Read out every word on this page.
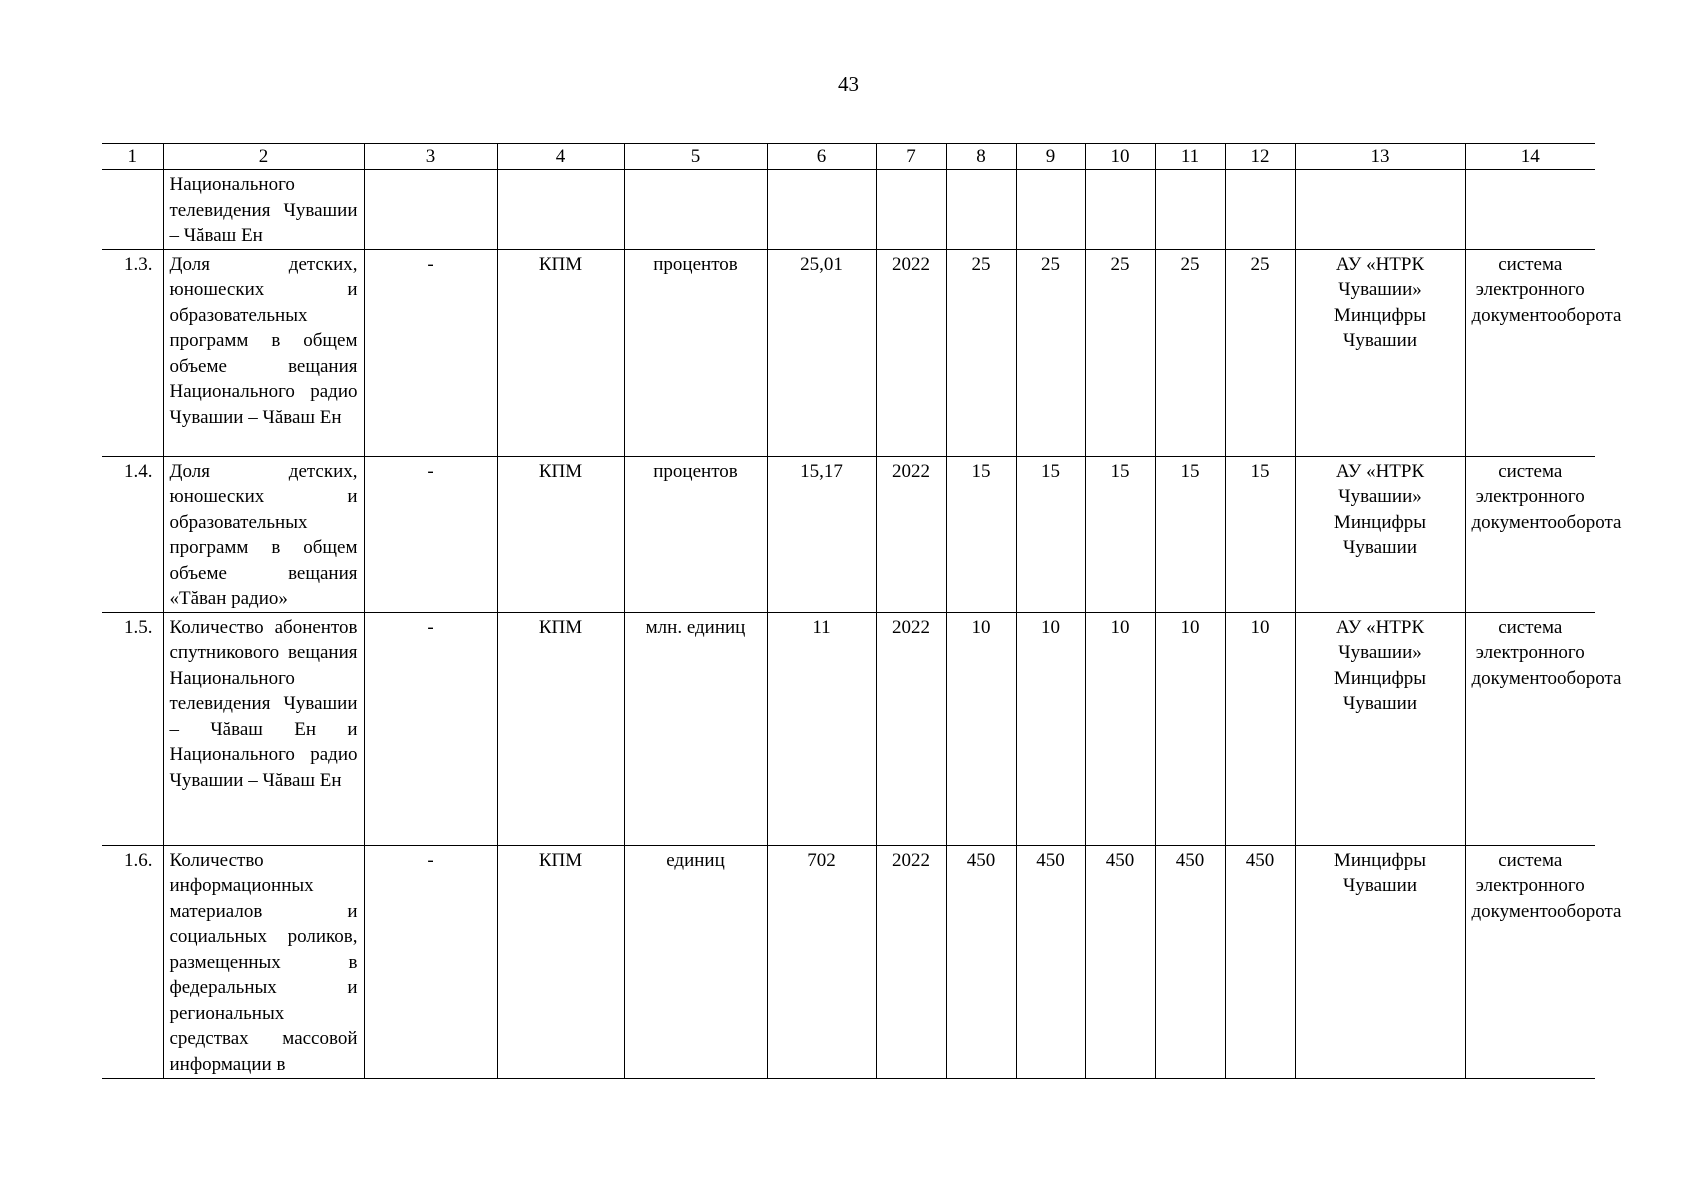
43
1	2	3	4	5	6	7	8	9	10	11	12	13	14
	Национального телевидения Чувашии – Чăваш Ен												
1.3.	Доля детских, юношеских и образовательных программ в общем объеме вещания Национального радио Чувашии – Чăваш Ен	-	КПМ	процентов	25,01	2022	25	25	25	25	25	АУ «НТРК Чувашии» Минцифры Чувашии	система электронного документооборота
1.4.	Доля детских, юношеских и образовательных программ в общем объеме вещания «Тăван радио»	-	КПМ	процентов	15,17	2022	15	15	15	15	15	АУ «НТРК Чувашии» Минцифры Чувашии	система электронного документооборота
1.5.	Количество абонентов спутникового вещания Национального телевидения Чувашии – Чăваш Ен и Национального радио Чувашии – Чăваш Ен	-	КПМ	млн. единиц	11	2022	10	10	10	10	10	АУ «НТРК Чувашии» Минцифры Чувашии	система электронного документооборота
1.6.	Количество информационных материалов и социальных роликов, размещенных в федеральных и региональных средствах массовой информации в	-	КПМ	единиц	702	2022	450	450	450	450	450	Минцифры Чувашии	система электронного документооборота
